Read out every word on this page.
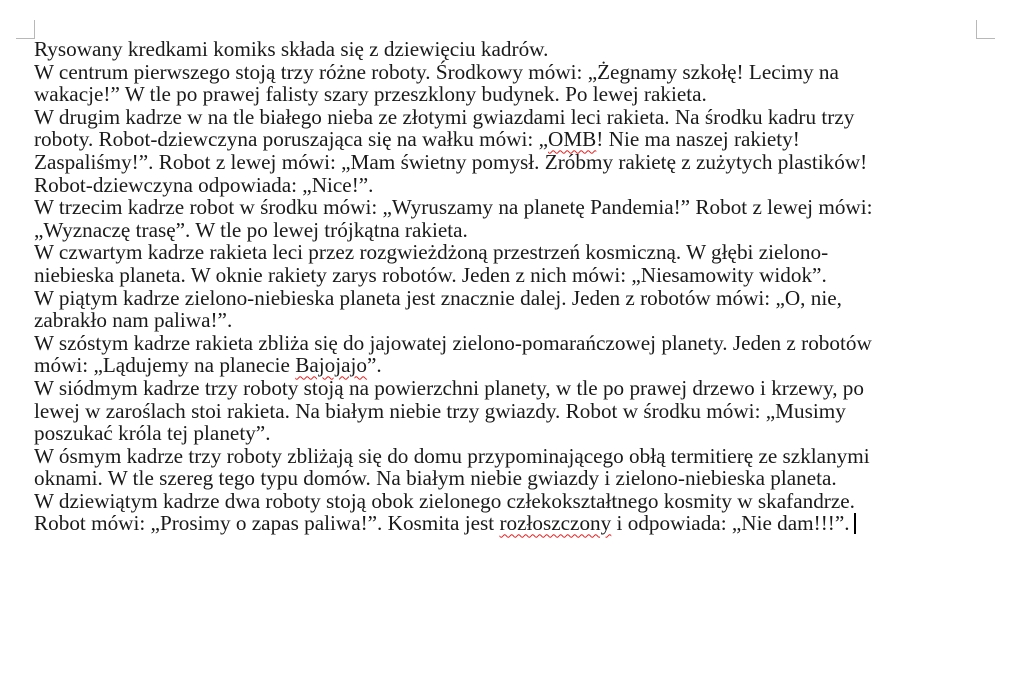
Rysowany kredkami komiks składa się z dziewięciu kadrów.
W centrum pierwszego stoją trzy różne roboty. Środkowy mówi: „Żegnamy szkołę! Lecimy na
wakacje!” W tle po prawej falisty szary przeszklony budynek. Po lewej rakieta.
W drugim kadrze w na tle białego nieba ze złotymi gwiazdami leci rakieta. Na środku kadru trzy
roboty. Robot-dziewczyna poruszająca się na wałku mówi: „OMB! Nie ma naszej rakiety!
Zaspaliśmy!”. Robot z lewej mówi: „Mam świetny pomysł. Zróbmy rakietę z zużytych plastików!
Robot-dziewczyna odpowiada: „Nice!”.
W trzecim kadrze robot w środku mówi: „Wyruszamy na planetę Pandemia!” Robot z lewej mówi:
„Wyznaczę trasę”. W tle po lewej trójkątna rakieta.
W czwartym kadrze rakieta leci przez rozgwieżdżoną przestrzeń kosmiczną. W głębi zielono-
niebieska planeta. W oknie rakiety zarys robotów. Jeden z nich mówi: „Niesamowity widok”.
W piątym kadrze zielono-niebieska planeta jest znacznie dalej. Jeden z robotów mówi: „O, nie,
zabrakło nam paliwa!”.
W szóstym kadrze rakieta zbliża się do jajowatej zielono-pomarańczowej planety. Jeden z robotów
mówi: „Lądujemy na planecie Bajojajo”.
W siódmym kadrze trzy roboty stoją na powierzchni planety, w tle po prawej drzewo i krzewy, po
lewej w zaroślach stoi rakieta. Na białym niebie trzy gwiazdy. Robot w środku mówi: „Musimy
poszukać króla tej planety”.
W ósmym kadrze trzy roboty zbliżają się do domu przypominającego obłą termitierę ze szklanymi
oknami. W tle szereg tego typu domów. Na białym niebie gwiazdy i zielono-niebieska planeta.
W dziewiątym kadrze dwa roboty stoją obok zielonego człekokształtnego kosmity w skafandrze.
Robot mówi: „Prosimy o zapas paliwa!”. Kosmita jest rozłoszczony i odpowiada: „Nie dam!!!”.
